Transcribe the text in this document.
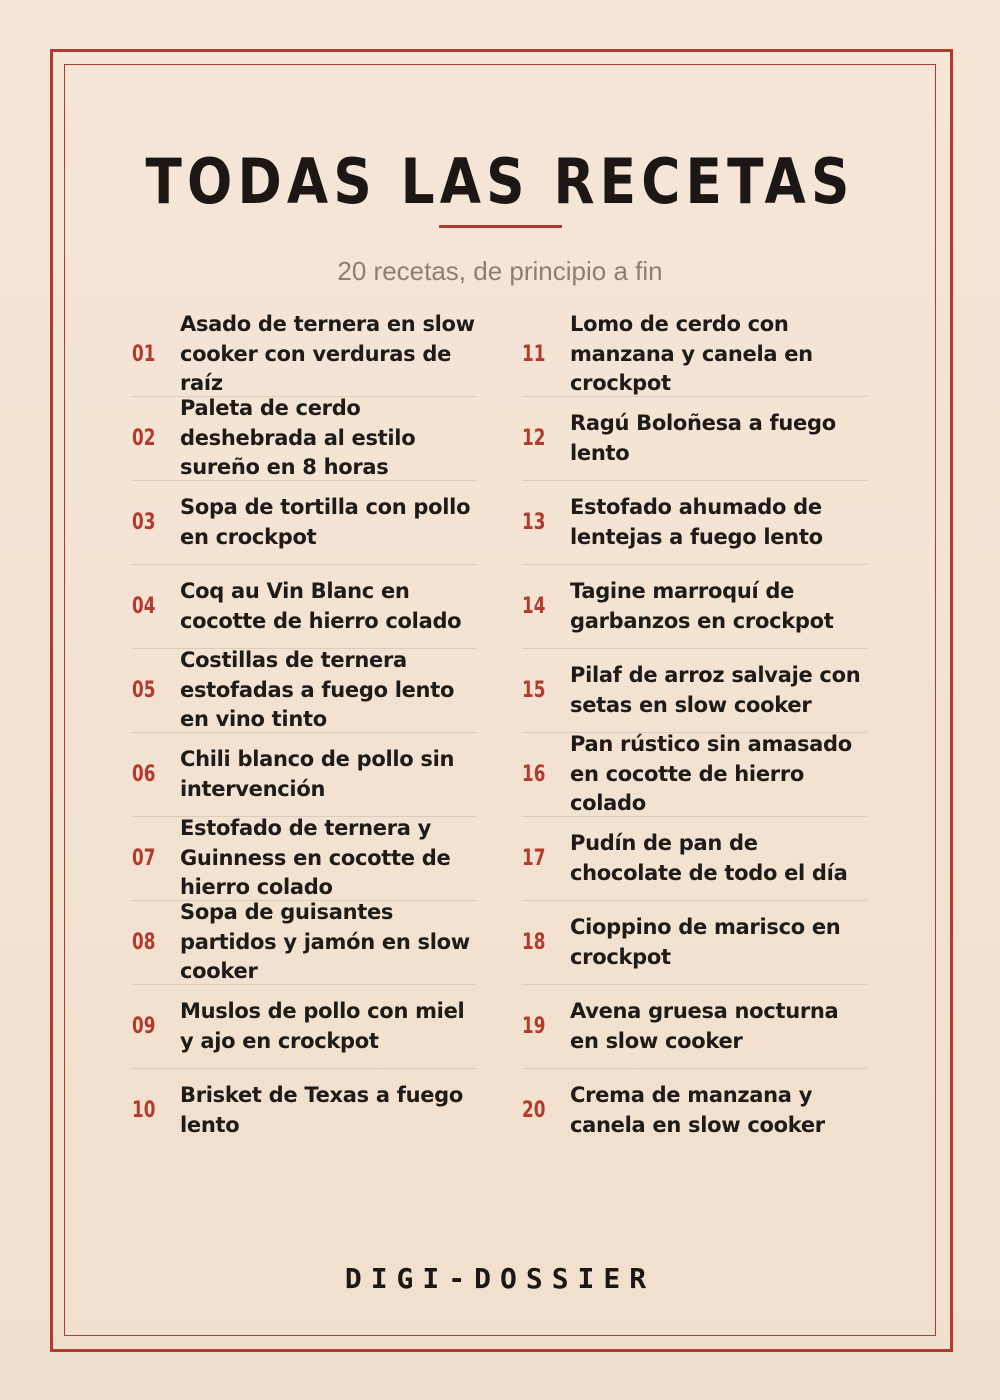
TODAS LAS RECETAS
20 recetas, de principio a fin
01
Asado de ternera en slow cooker con verduras de raíz
02
Paleta de cerdo deshebrada al estilo sureño en 8 horas
03
Sopa de tortilla con pollo en crockpot
04
Coq au Vin Blanc en cocotte de hierro colado
05
Costillas de ternera estofadas a fuego lento en vino tinto
06
Chili blanco de pollo sin intervención
07
Estofado de ternera y Guinness en cocotte de hierro colado
08
Sopa de guisantes partidos y jamón en slow cooker
09
Muslos de pollo con miel y ajo en crockpot
10
Brisket de Texas a fuego lento
11
Lomo de cerdo con manzana y canela en crockpot
12
Ragú Boloñesa a fuego lento
13
Estofado ahumado de lentejas a fuego lento
14
Tagine marroquí de garbanzos en crockpot
15
Pilaf de arroz salvaje con setas en slow cooker
16
Pan rústico sin amasado en cocotte de hierro colado
17
Pudín de pan de chocolate de todo el día
18
Cioppino de marisco en crockpot
19
Avena gruesa nocturna en slow cooker
20
Crema de manzana y canela en slow cooker
DIGI-DOSSIER
